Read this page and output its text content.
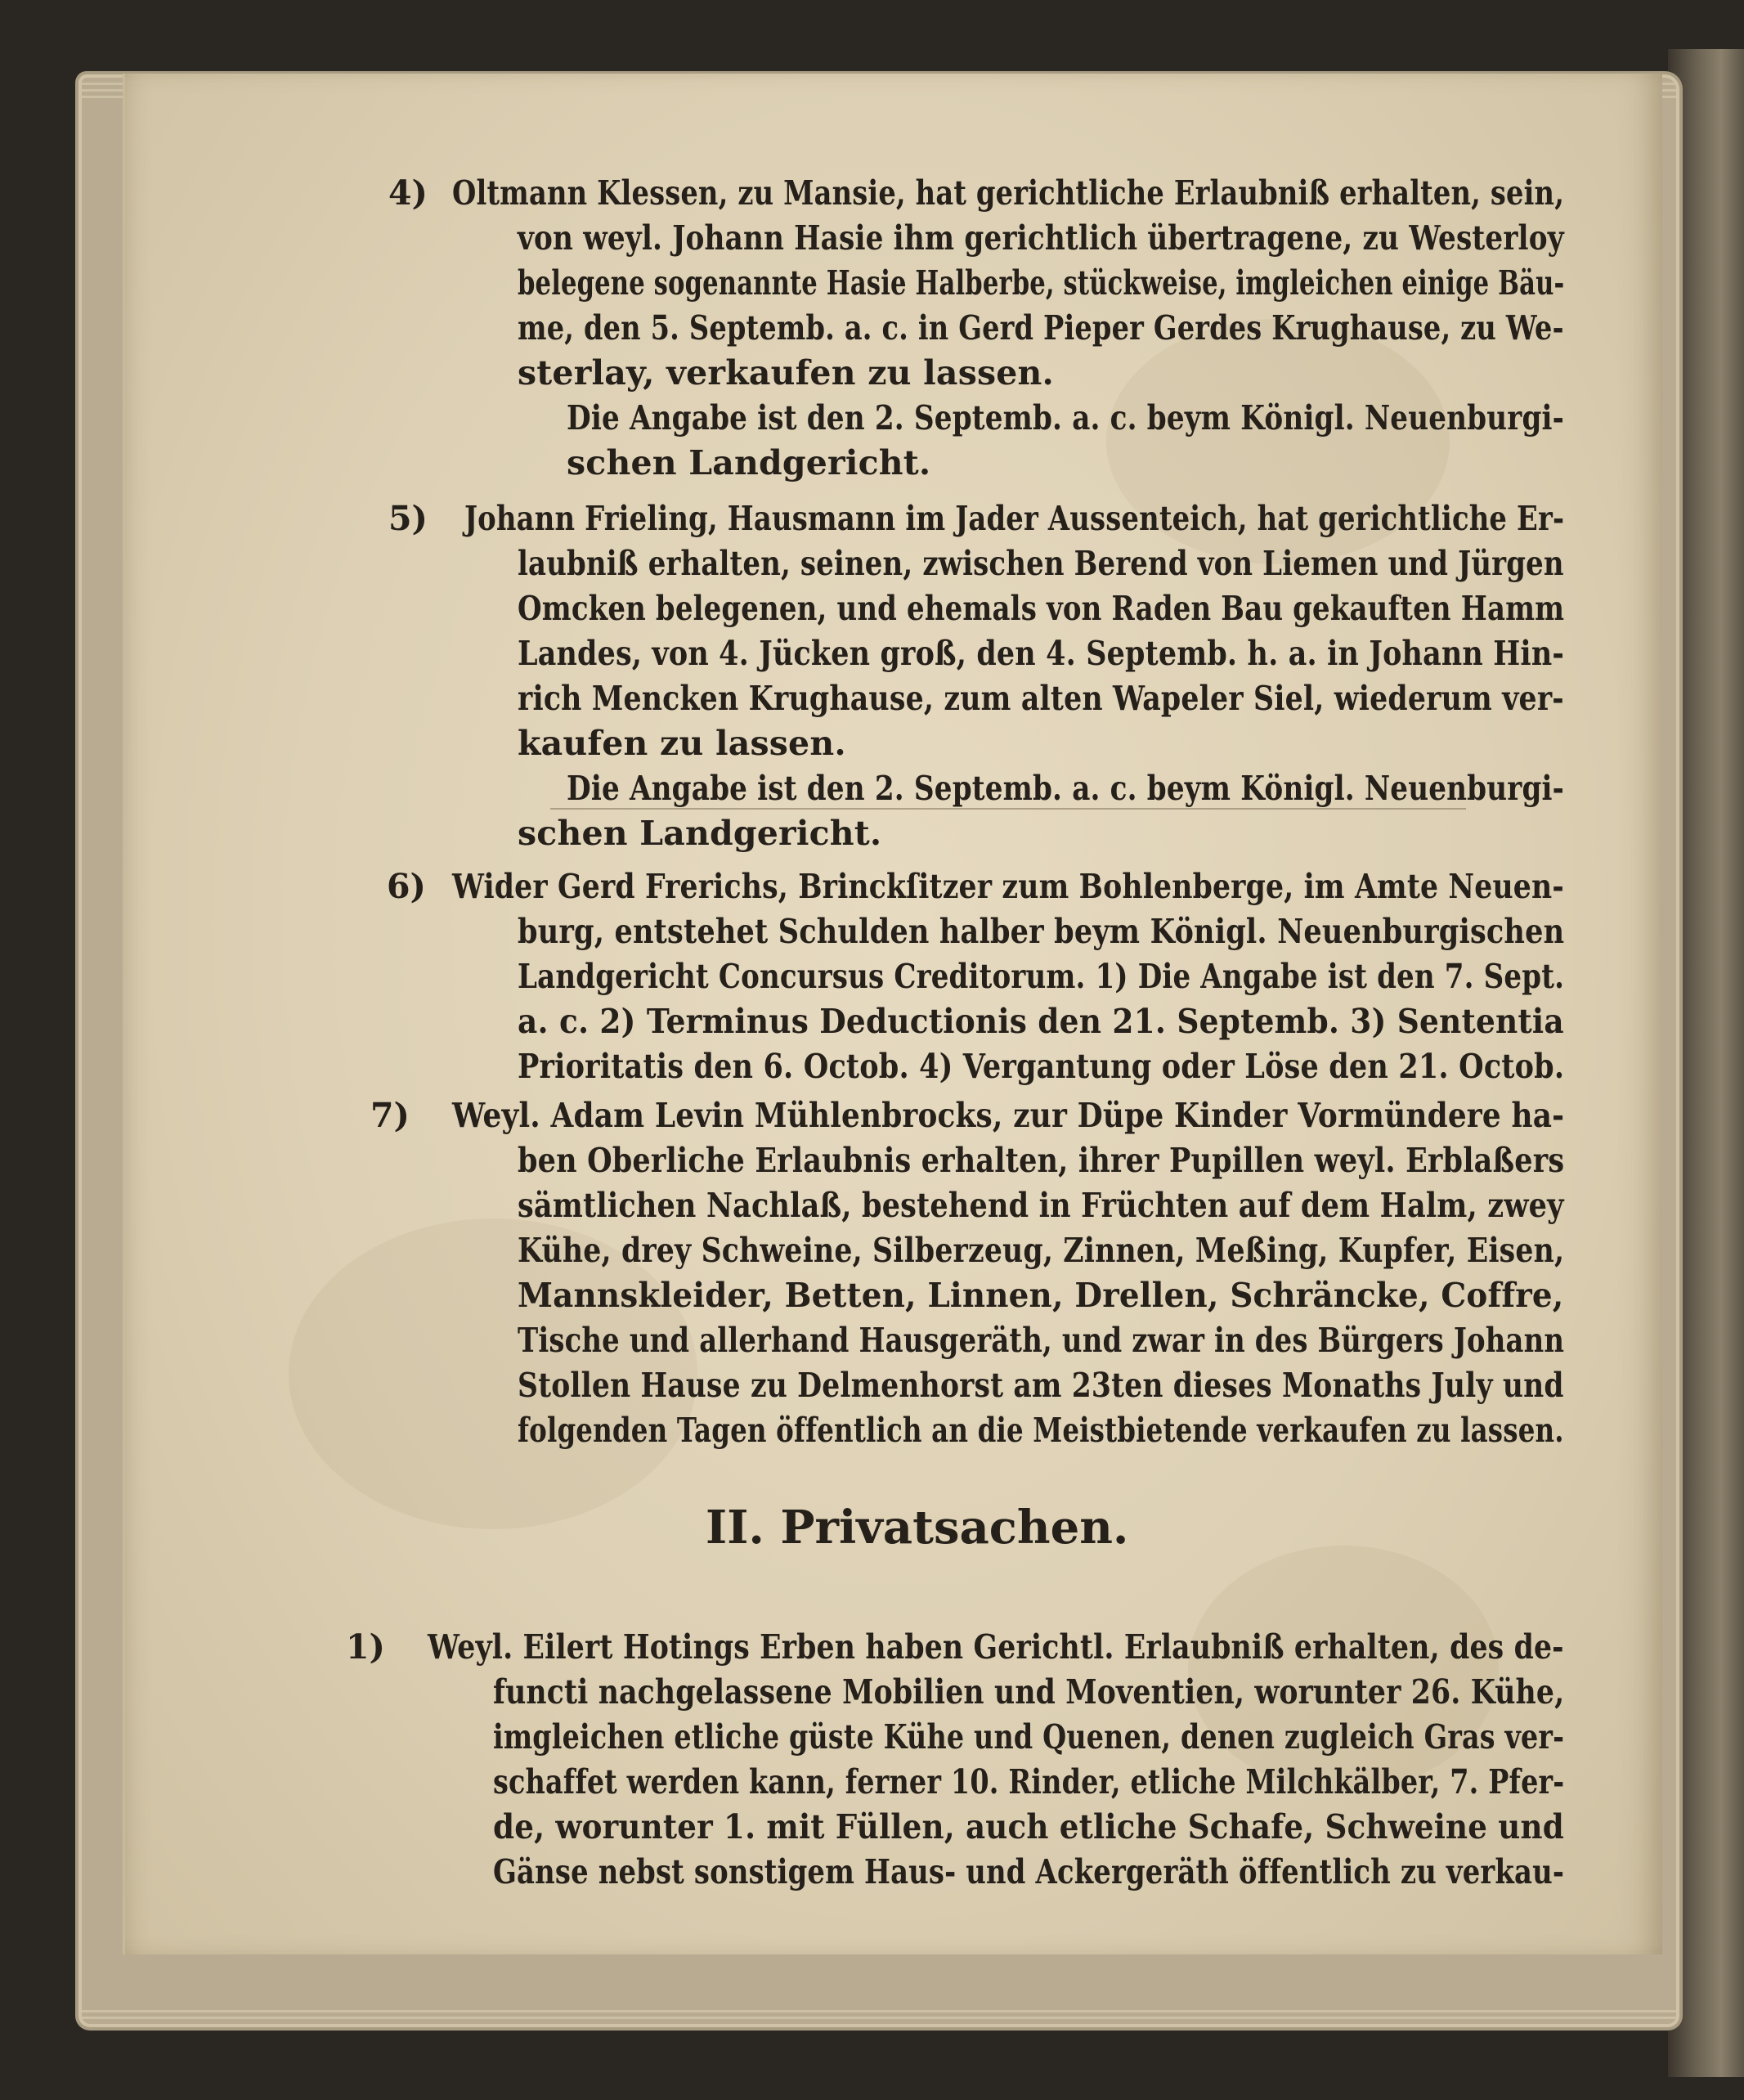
4) Oltmann Klessen, zu Mansie, hat gerichtliche Erlaubniß erhalten, sein,
von weyl. Johann Hasie ihm gerichtlich übertragene, zu Westerloy
belegene sogenannte Hasie Halberbe, stückweise, imgleichen einige Bäu-
me, den 5. Septemb. a. c. in Gerd Pieper Gerdes Krughause, zu We-
sterlay, verkaufen zu lassen.
Die Angabe ist den 2. Septemb. a. c. beym Königl. Neuenburgi-
schen Landgericht.
5) Johann Frieling, Hausmann im Jader Aussenteich, hat gerichtliche Er-
laubniß erhalten, seinen, zwischen Berend von Liemen und Jürgen
Omcken belegenen, und ehemals von Raden Bau gekauften Hamm
Landes, von 4. Jücken groß, den 4. Septemb. h. a. in Johann Hin-
rich Mencken Krughause, zum alten Wapeler Siel, wiederum ver-
kaufen zu lassen.
Die Angabe ist den 2. Septemb. a. c. beym Königl. Neuenburgi-
schen Landgericht.
6) Wider Gerd Frerichs, Brinckſitzer zum Bohlenberge, im Amte Neuen-
burg, entstehet Schulden halber beym Königl. Neuenburgischen
Landgericht Concursus Creditorum. 1) Die Angabe ist den 7. Sept.
a. c. 2) Terminus Deductionis den 21. Septemb. 3) Sententia
Prioritatis den 6. Octob. 4) Vergantung oder Löse den 21. Octob.
7) Weyl. Adam Levin Mühlenbrocks, zur Düpe Kinder Vormündere ha-
ben Oberliche Erlaubnis erhalten, ihrer Pupillen weyl. Erblaßers
sämtlichen Nachlaß, bestehend in Früchten auf dem Halm, zwey
Kühe, drey Schweine, Silberzeug, Zinnen, Meßing, Kupfer, Eisen,
Mannskleider, Betten, Linnen, Drellen, Schräncke, Coffre,
Tische und allerhand Hausgeräth, und zwar in des Bürgers Johann
Stollen Hause zu Delmenhorst am 23ten dieses Monaths July und
folgenden Tagen öffentlich an die Meistbietende verkaufen zu lassen.
II. Privatsachen.
1) Weyl. Eilert Hotings Erben haben Gerichtl. Erlaubniß erhalten, des de-
functi nachgelassene Mobilien und Moventien, worunter 26. Kühe,
imgleichen etliche güste Kühe und Quenen, denen zugleich Gras ver-
schaffet werden kann, ferner 10. Rinder, etliche Milchkälber, 7. Pfer-
de, worunter 1. mit Füllen, auch etliche Schafe, Schweine und
Gänse nebst sonstigem Haus- und Ackergeräth öffentlich zu verkau-
